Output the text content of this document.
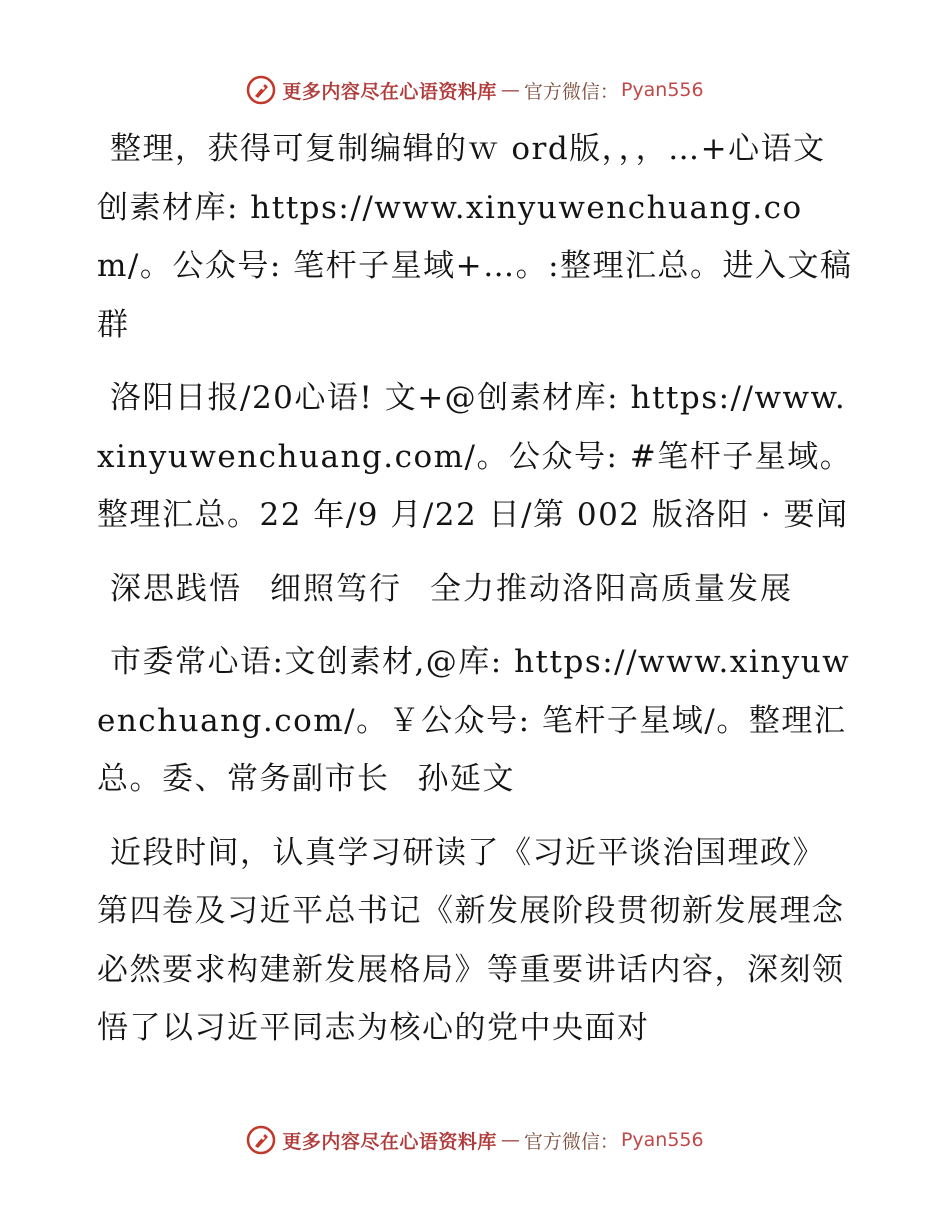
更多内容尽在心语资料库 — 官方微信： Pyan556

整理，获得可复制编辑的ｗ ord版，，，…+心语文创素材库: https://www.xinyuwenchuang.com/。公众号: 笔杆子星域+…。:整理汇总。进入文稿群

洛阳日报/20心语! 文+@创素材库: https://www.xinyuwenchuang.com/。公众号: #笔杆子星域。整理汇总。22 年/9 月/22 日/第 002 版洛阳 · 要闻

深思践悟 细照笃行 全力推动洛阳高质量发展

市委常心语:文创素材,@库: https://www.xinyuwenchuang.com/。￥公众号: 笔杆子星域/。整理汇总。委、常务副市长 孙延文

近段时间，认真学习研读了《习近平谈治国理政》第四卷及习近平总书记《新发展阶段贯彻新发展理念必然要求构建新发展格局》等重要讲话内容，深刻领悟了以习近平同志为核心的党中央面对

更多内容尽在心语资料库 — 官方微信： Pyan556
